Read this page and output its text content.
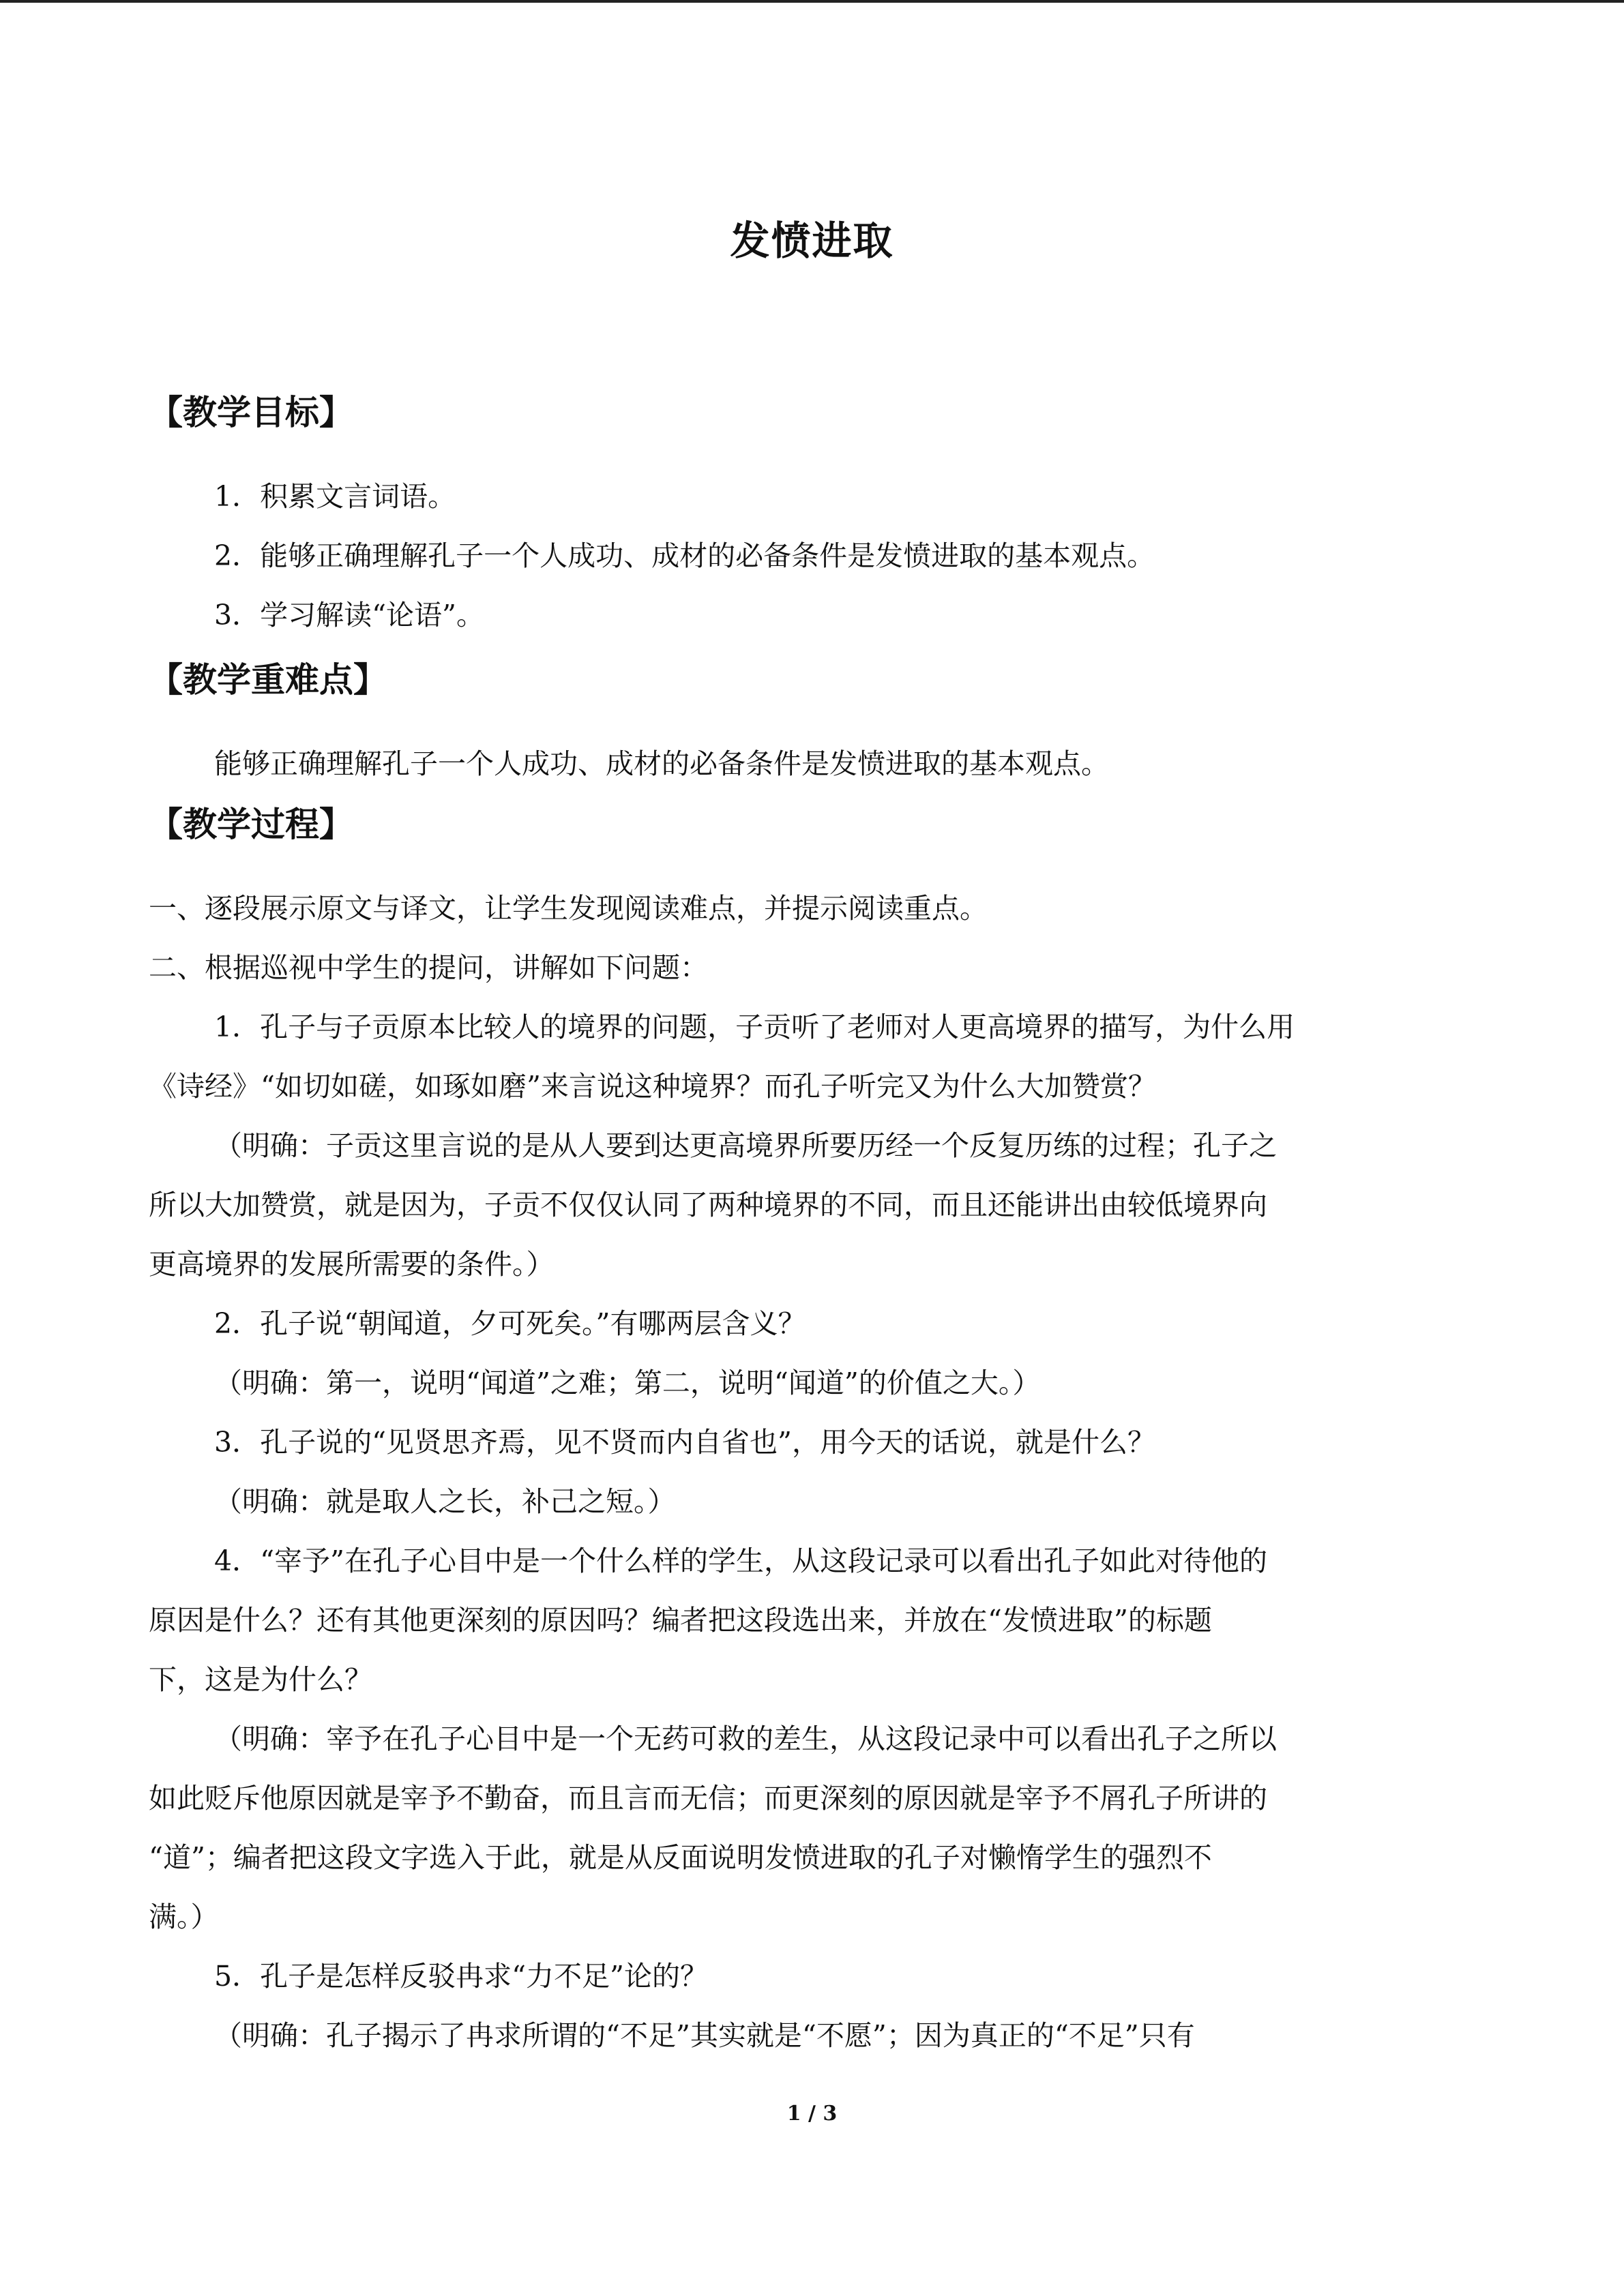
发愤进取
【教学目标】
1．积累文言词语。
2．能够正确理解孔子一个人成功、成材的必备条件是发愤进取的基本观点。
3．学习解读“论语”。
【教学重难点】
能够正确理解孔子一个人成功、成材的必备条件是发愤进取的基本观点。
【教学过程】
一、逐段展示原文与译文，让学生发现阅读难点，并提示阅读重点。
二、根据巡视中学生的提问，讲解如下问题：
1．孔子与子贡原本比较人的境界的问题，子贡听了老师对人更高境界的描写，为什么用
《诗经》“如切如磋，如琢如磨”来言说这种境界？而孔子听完又为什么大加赞赏？
（明确：子贡这里言说的是从人要到达更高境界所要历经一个反复历练的过程；孔子之
所以大加赞赏，就是因为，子贡不仅仅认同了两种境界的不同，而且还能讲出由较低境界向
更高境界的发展所需要的条件。）
2．孔子说“朝闻道，夕可死矣。”有哪两层含义？
（明确：第一，说明“闻道”之难；第二，说明“闻道”的价值之大。）
3．孔子说的“见贤思齐焉，见不贤而内自省也”，用今天的话说，就是什么？
（明确：就是取人之长，补己之短。）
4．“宰予”在孔子心目中是一个什么样的学生，从这段记录可以看出孔子如此对待他的
原因是什么？还有其他更深刻的原因吗？编者把这段选出来，并放在“发愤进取”的标题
下，这是为什么？
（明确：宰予在孔子心目中是一个无药可救的差生，从这段记录中可以看出孔子之所以
如此贬斥他原因就是宰予不勤奋，而且言而无信；而更深刻的原因就是宰予不屑孔子所讲的
“道”；编者把这段文字选入于此，就是从反面说明发愤进取的孔子对懒惰学生的强烈不
满。）
5．孔子是怎样反驳冉求“力不足”论的？
（明确：孔子揭示了冉求所谓的“不足”其实就是“不愿”；因为真正的“不足”只有
1 / 3
